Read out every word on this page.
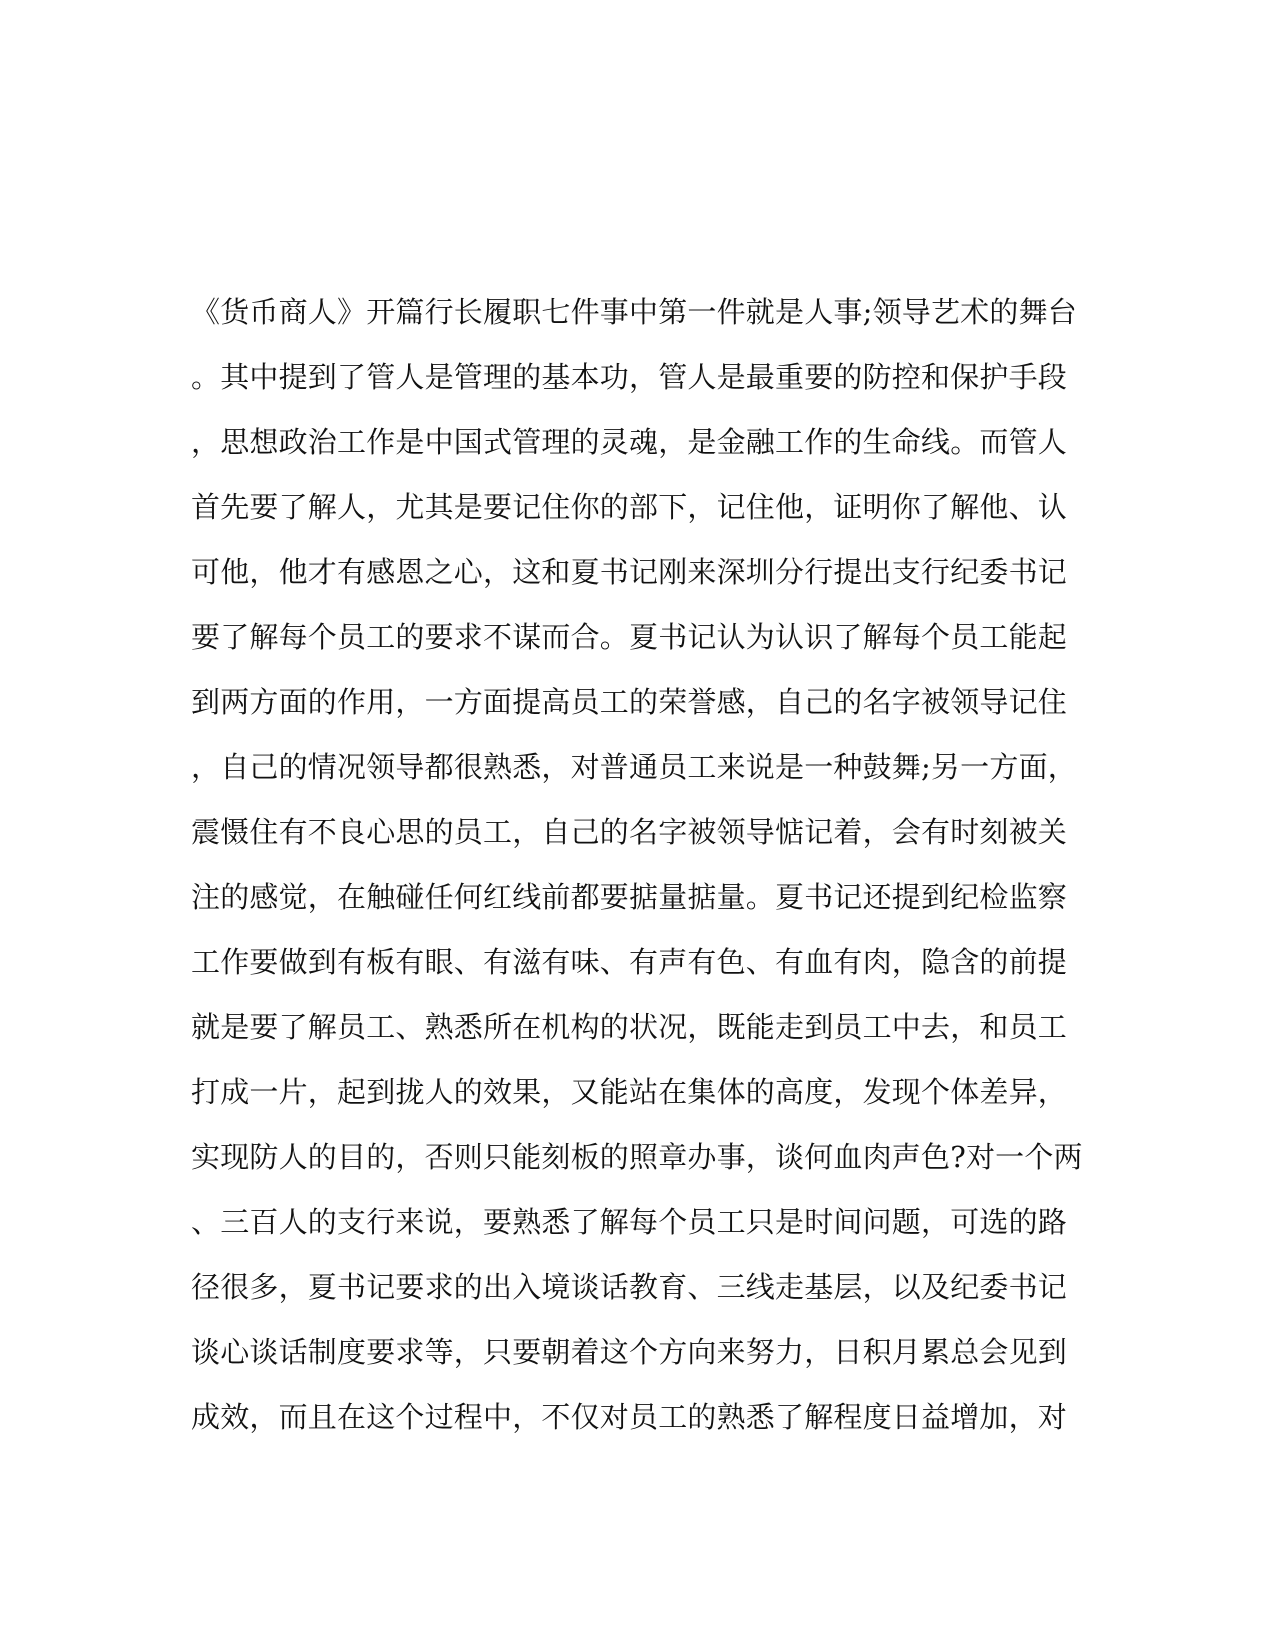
《货币商人》开篇行长履职七件事中第一件就是人事;领导艺术的舞台
。其中提到了管人是管理的基本功，管人是最重要的防控和保护手段
，思想政治工作是中国式管理的灵魂，是金融工作的生命线。而管人
首先要了解人，尤其是要记住你的部下，记住他，证明你了解他、认
可他，他才有感恩之心，这和夏书记刚来深圳分行提出支行纪委书记
要了解每个员工的要求不谋而合。夏书记认为认识了解每个员工能起
到两方面的作用，一方面提高员工的荣誉感，自己的名字被领导记住
，自己的情况领导都很熟悉，对普通员工来说是一种鼓舞;另一方面，
震慑住有不良心思的员工，自己的名字被领导惦记着，会有时刻被关
注的感觉，在触碰任何红线前都要掂量掂量。夏书记还提到纪检监察
工作要做到有板有眼、有滋有味、有声有色、有血有肉，隐含的前提
就是要了解员工、熟悉所在机构的状况，既能走到员工中去，和员工
打成一片，起到拢人的效果，又能站在集体的高度，发现个体差异，
实现防人的目的，否则只能刻板的照章办事，谈何血肉声色?对一个两
、三百人的支行来说，要熟悉了解每个员工只是时间问题，可选的路
径很多，夏书记要求的出入境谈话教育、三线走基层，以及纪委书记
谈心谈话制度要求等，只要朝着这个方向来努力，日积月累总会见到
成效，而且在这个过程中，不仅对员工的熟悉了解程度日益增加，对
